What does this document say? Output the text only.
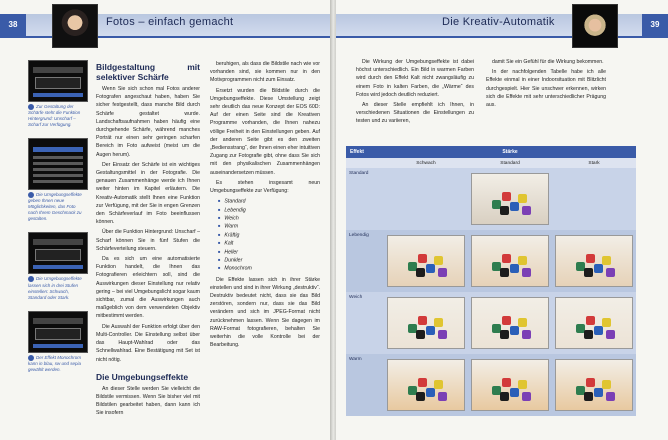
38	Fotos – einfach gemacht
Zur Gestaltung der Schärfe steht die Funktion Hintergrund: Unscharf – Scharf zur Verfügung.
Die Umgebungseffekte geben Ihnen neue Möglichkeiten, das Foto nach Ihrem Geschmack zu gestalten.
Die Umgebungseffekte lassen sich in drei Stufen einstellen: Schwach, Standard oder Stark.
Der Effekt Monochrom kann in blau, sw und sepia gewählt werden.
Bildgestaltung mit selektiver Schärfe

Wenn Sie sich schon mal Fotos anderer Fotografen angeschaut haben, haben Sie sicher festgestellt, dass manche Bild durch Schärfe gestaltet wurde. Landschaftsaufnahmen haben häufig eine durchgehende Schärfe, während manches Porträt nur einen sehr geringen scharfen Bereich im Foto aufweist (meist um die Augen herum).

Der Einsatz der Schärfe ist ein wichtiges Gestaltungsmittel in der Fotografie. Die genauen Zusammenhänge werde ich Ihnen weiter hinten im Kapitel erläutern. Die Kreativ-Automatik stellt Ihnen eine Funktion zur Verfügung, mit der Sie in engen Grenzen den Schärfeverlauf im Foto beeinflussen können.

Über die Funktion Hintergrund: Unscharf – Scharf können Sie in fünf Stufen die Schärfeverteilung steuern.

Da es sich um eine automatisierte Funktion handelt, die Ihnen das Fotografieren erleichtern soll, sind die Auswirkungen dieser Einstellung nur relativ gering – bei viel Umgebungslicht sogar kaum sichtbar, zumal die Auswirkungen auch maßgeblich von dem verwendeten Objektiv mitbestimmt werden.

Die Auswahl der Funktion erfolgt über den Multi-Controller. Die Einstellung selbst über das Haupt-Wahlrad oder das Schnellwahlrad. Eine Bestätigung mit Set ist nicht nötig.

Die Umgebungseffekte

An dieser Stelle werden Sie vielleicht die Bildstile vermissen. Wenn Sie bisher viel mit Bildstilen gearbeitet haben, dann kann ich Sie insofern

beruhigen, als dass die Bildstile nach wie vor vorhanden sind, sie kommen nur in den Motivprogrammen nicht zum Einsatz.

Ersetzt wurden die Bildstile durch die Umgebungseffekte. Diese Umstellung zeigt sehr deutlich das neue Konzept der EOS 60D: Auf der einen Seite sind die Kreativen Programme vorhanden, die Ihnen nahezu völlige Freiheit in den Einstellungen geben. Auf der anderen Seite gibt es den zweiten „Bediensstrang“, der Ihnen einen eher intuitiven Zugang zur Fotografie gibt, ohne dass Sie sich mit den physikalischen Zusammenhängen auseinandersetzen müssen.

Es stehen insgesamt neun Umgebungseffekte zur Verfügung:

■ Standard
■ Lebendig
■ Weich
■ Warm
■ Kräftig
■ Kalt
■ Heller
■ Dunkler
■ Monochrom

Die Effekte lassen sich in ihrer Stärke einstellen und sind in ihrer Wirkung „destruktiv“. Destruktiv bedeutet nicht, dass sie das Bild zerstören, sondern nur, dass sie das Bild verändern und sich im JPEG-Format nicht zurücknehmen lassen. Wenn Sie dagegen im RAW-Format fotografieren, behalten Sie weiterhin die volle Kontrolle bei der Bearbeitung.

Die Kreativ-Automatik	39

Die Wirkung der Umgebungseffekte ist dabei höchst unterschiedlich. Ein Bild in warmen Farben wird durch den Effekt Kalt nicht zwangsläufig zu einem Foto in kalten Farben, die „Wärme“ des Fotos wird jedoch deutlich reduziert.

An dieser Stelle empfiehlt ich Ihnen, in verschiedenen Situationen die Einstellungen zu testen und zu variieren,

damit Sie ein Gefühl für die Wirkung bekommen.

In der nachfolgenden Tabelle habe ich alle Effekte einmal in einer Indoorsituation mit Blitzlicht durchgespielt. Hier Sie unschwer erkennen, wirken sich die Effekte mit sehr unterschiedlicher Prägung aus.

Effekt	Stärke		
	Schwach	Standard	Stark
Standard	

Lebendig	

Weich	

Warm	
